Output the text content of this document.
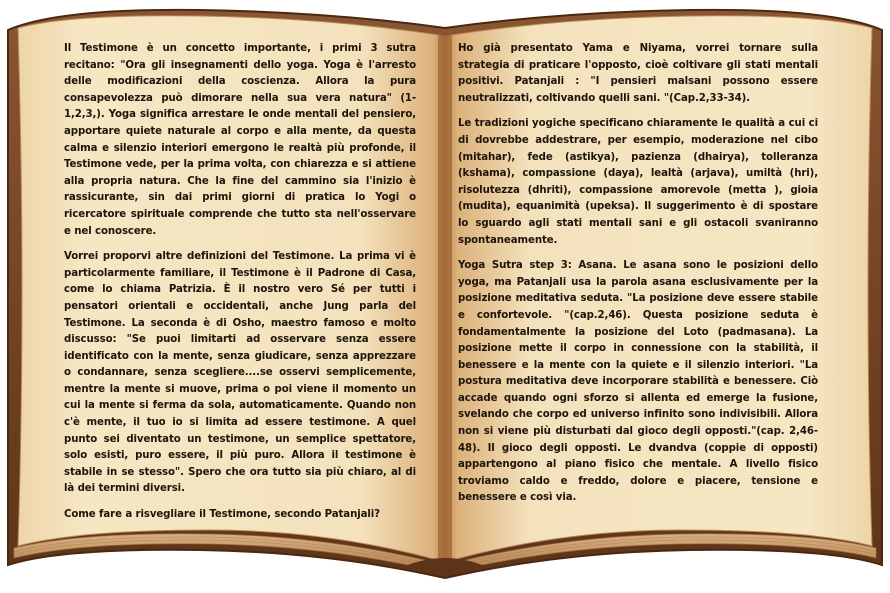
Il Testimone è un concetto importante, i primi 3 sutra recitano: "Ora gli insegnamenti dello yoga. Yoga è l'arresto delle modificazioni della coscienza. Allora la pura consapevolezza può dimorare nella sua vera natura" (1-1,2,3,). Yoga significa arrestare le onde mentali del pensiero, apportare quiete naturale al corpo e alla mente, da questa calma e silenzio interiori emergono le realtà più profonde, il Testimone vede, per la prima volta, con chiarezza e si attiene alla propria natura. Che la fine del cammino sia l'inizio è rassicurante, sin dai primi giorni di pratica lo Yogi o ricercatore spirituale comprende che tutto sta nell'osservare e nel conoscere.

Vorrei proporvi altre definizioni del Testimone. La prima vi è particolarmente familiare, il Testimone è il Padrone di Casa, come lo chiama Patrizia. È il nostro vero Sé per tutti i pensatori orientali e occidentali, anche Jung parla del Testimone. La seconda è di Osho, maestro famoso e molto discusso: "Se puoi limitarti ad osservare senza essere identificato con la mente, senza giudicare, senza apprezzare o condannare, senza scegliere....se osservi semplicemente, mentre la mente si muove, prima o poi viene il momento un cui la mente si ferma da sola, automaticamente. Quando non c'è mente, il tuo io si limita ad essere testimone. A quel punto sei diventato un testimone, un semplice spettatore, solo esisti, puro essere, il più puro. Allora il testimone è stabile in se stesso". Spero che ora tutto sia più chiaro, al di là dei termini diversi.

Come fare a risvegliare il Testimone, secondo Patanjali?

Ho già presentato Yama e Niyama, vorrei tornare sulla strategia di praticare l'opposto, cioè coltivare gli stati mentali positivi. Patanjali : "I pensieri malsani possono essere neutralizzati, coltivando quelli sani. "(Cap.2,33-34).

Le tradizioni yogiche specificano chiaramente le qualità a cui ci di dovrebbe addestrare, per esempio, moderazione nel cibo (mitahar), fede (astikya), pazienza (dhairya), tolleranza (kshama), compassione (daya), lealtà (arjava), umiltà (hri), risolutezza (dhriti), compassione amorevole (metta ), gioia (mudita), equanimità (upeksa). Il suggerimento è di spostare lo sguardo agli stati mentali sani e gli ostacoli svaniranno spontaneamente.

Yoga Sutra step 3: Asana. Le asana sono le posizioni dello yoga, ma Patanjali usa la parola asana esclusivamente per la posizione meditativa seduta. "La posizione deve essere stabile e confortevole. "(cap.2,46). Questa posizione seduta è fondamentalmente la posizione del Loto (padmasana). La posizione mette il corpo in connessione con la stabilità, il benessere e la mente con la quiete e il silenzio interiori. "La postura meditativa deve incorporare stabilità e benessere. Ciò accade quando ogni sforzo si allenta ed emerge la fusione, svelando che corpo ed universo infinito sono indivisibili. Allora non si viene più disturbati dal gioco degli opposti."(cap. 2,46-48). Il gioco degli opposti. Le dvandva (coppie di opposti) appartengono al piano fisico che mentale. A livello fisico troviamo caldo e freddo, dolore e piacere, tensione e benessere e così via.
